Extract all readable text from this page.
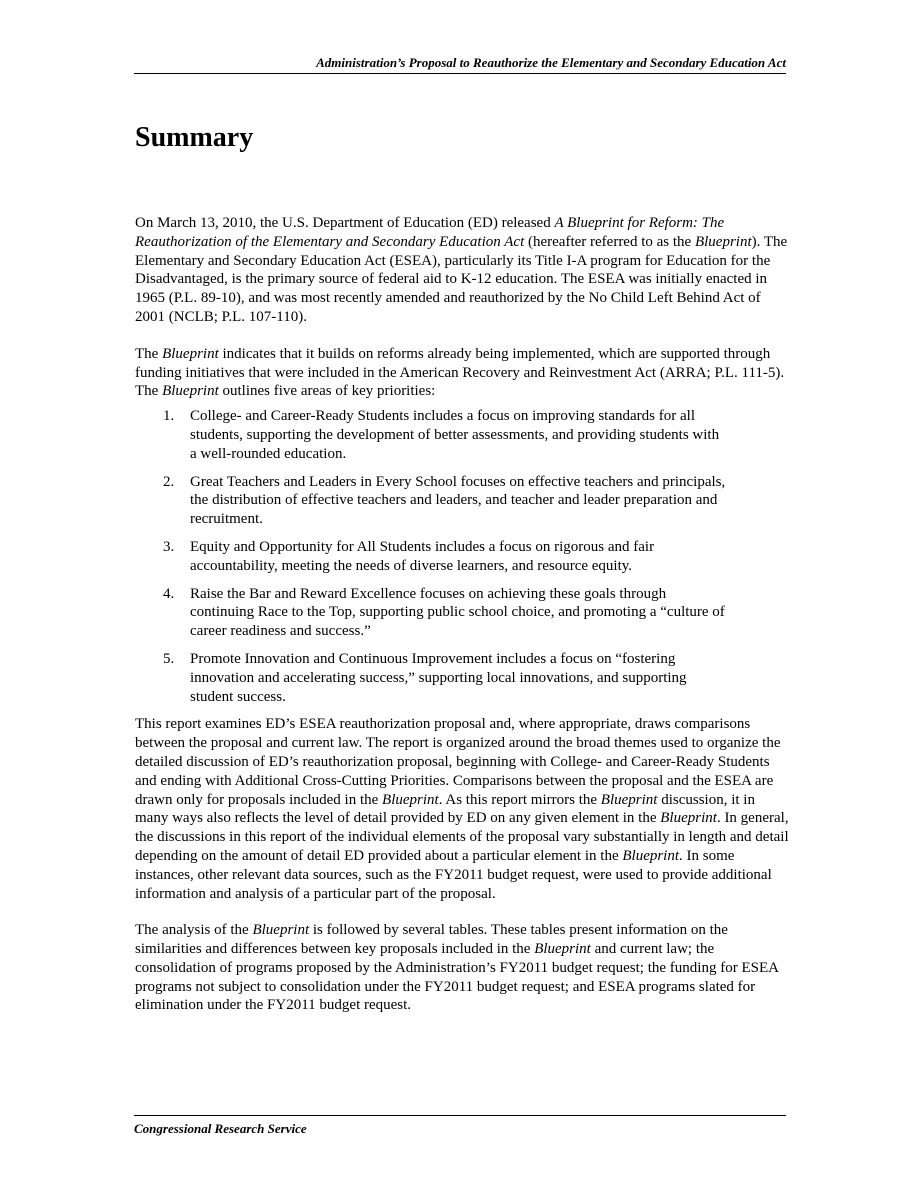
Administration’s Proposal to Reauthorize the Elementary and Secondary Education Act
Summary

On March 13, 2010, the U.S. Department of Education (ED) released A Blueprint for Reform: The Reauthorization of the Elementary and Secondary Education Act (hereafter referred to as the Blueprint). The Elementary and Secondary Education Act (ESEA), particularly its Title I-A program for Education for the Disadvantaged, is the primary source of federal aid to K-12 education. The ESEA was initially enacted in 1965 (P.L. 89-10), and was most recently amended and reauthorized by the No Child Left Behind Act of 2001 (NCLB; P.L. 107-110).

The Blueprint indicates that it builds on reforms already being implemented, which are supported through funding initiatives that were included in the American Recovery and Reinvestment Act (ARRA; P.L. 111-5). The Blueprint outlines five areas of key priorities:

1. College- and Career-Ready Students includes a focus on improving standards for all students, supporting the development of better assessments, and providing students with a well-rounded education.
2. Great Teachers and Leaders in Every School focuses on effective teachers and principals, the distribution of effective teachers and leaders, and teacher and leader preparation and recruitment.
3. Equity and Opportunity for All Students includes a focus on rigorous and fair accountability, meeting the needs of diverse learners, and resource equity.
4. Raise the Bar and Reward Excellence focuses on achieving these goals through continuing Race to the Top, supporting public school choice, and promoting a “culture of career readiness and success.”
5. Promote Innovation and Continuous Improvement includes a focus on “fostering innovation and accelerating success,” supporting local innovations, and supporting student success.

This report examines ED’s ESEA reauthorization proposal and, where appropriate, draws comparisons between the proposal and current law. The report is organized around the broad themes used to organize the detailed discussion of ED’s reauthorization proposal, beginning with College- and Career-Ready Students and ending with Additional Cross-Cutting Priorities. Comparisons between the proposal and the ESEA are drawn only for proposals included in the Blueprint. As this report mirrors the Blueprint discussion, it in many ways also reflects the level of detail provided by ED on any given element in the Blueprint. In general, the discussions in this report of the individual elements of the proposal vary substantially in length and detail depending on the amount of detail ED provided about a particular element in the Blueprint. In some instances, other relevant data sources, such as the FY2011 budget request, were used to provide additional information and analysis of a particular part of the proposal.

The analysis of the Blueprint is followed by several tables. These tables present information on the similarities and differences between key proposals included in the Blueprint and current law; the consolidation of programs proposed by the Administration’s FY2011 budget request; the funding for ESEA programs not subject to consolidation under the FY2011 budget request; and ESEA programs slated for elimination under the FY2011 budget request.

Congressional Research Service
